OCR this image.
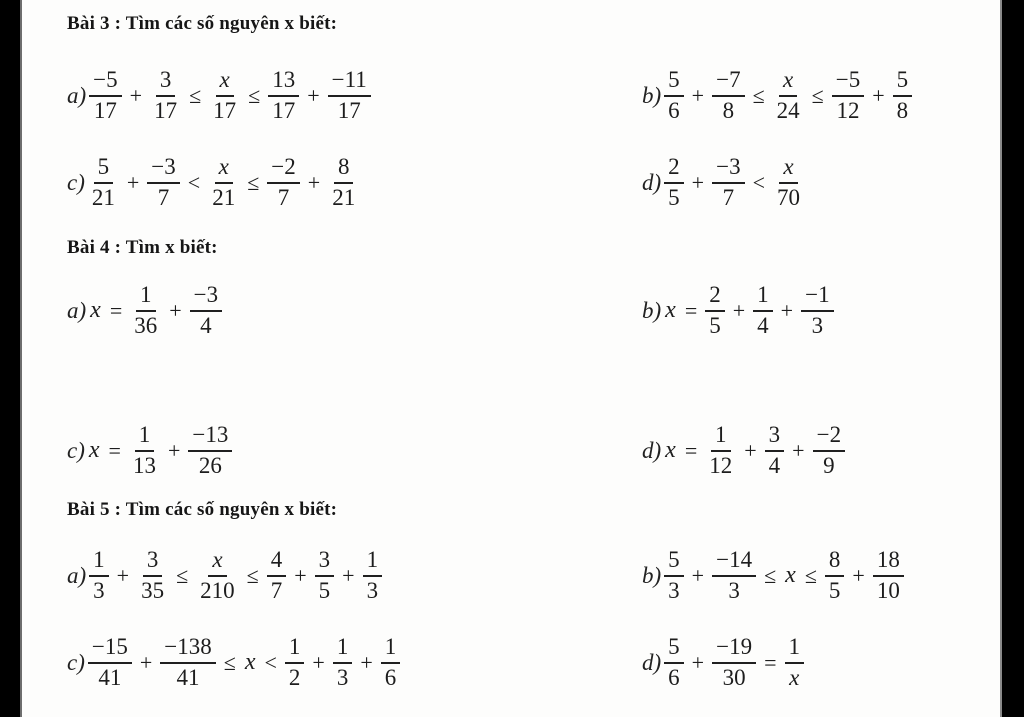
Bài 3 : Tìm các số nguyên x biết:
$a) \frac{-5}{17} + \frac{3}{17} \le \frac{x}{17} \le \frac{13}{17} + \frac{-11}{17}$	$b) \frac{5}{6} + \frac{-7}{8} \le \frac{x}{24} \le \frac{-5}{12} + \frac{5}{8}$
$c) \frac{5}{21} + \frac{-3}{7} < \frac{x}{21} \le \frac{-2}{7} + \frac{8}{21}$	$d) \frac{2}{5} + \frac{-3}{7} < \frac{x}{70}$
Bài 4 : Tìm x biết:
a) $x = \frac{1}{36} + \frac{-3}{4}$	b) $x = \frac{2}{5} + \frac{1}{4} + \frac{-1}{3}$
c) $x = \frac{1}{13} + \frac{-13}{26}$	d) $x = \frac{1}{12} + \frac{3}{4} + \frac{-2}{9}$
Bài 5 : Tìm các số nguyên x biết:
$a) \frac{1}{3} + \frac{3}{35} \le \frac{x}{210} \le \frac{4}{7} + \frac{3}{5} + \frac{1}{3}$	$b) \frac{5}{3} + \frac{-14}{3} \le x \le \frac{8}{5} + \frac{18}{10}$
$c) \frac{-15}{41} + \frac{-138}{41} \le x < \frac{1}{2} + \frac{1}{3} + \frac{1}{6}$	$d) \frac{5}{6} + \frac{-19}{30} = \frac{1}{x}$
